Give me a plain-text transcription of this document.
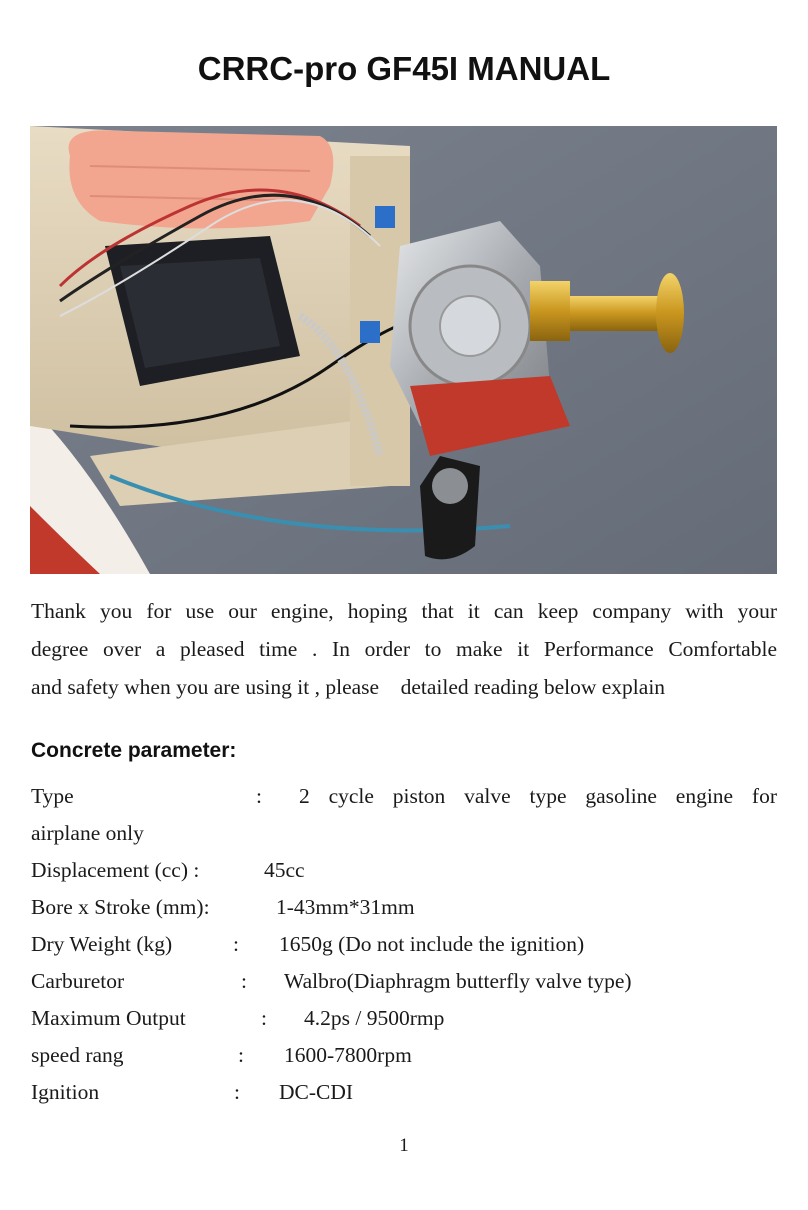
CRRC-pro GF45I MANUAL
Thank you for use our engine, hoping that it can keep company with your
degree over a pleased time . In order to make it Performance Comfortable
and safety when you are using it , please    detailed reading below explain
Concrete parameter:
Type	: 2 cycle piston valve type gasoline engine for
airplane only
Displacement (cc) :	45cc
Bore x Stroke (mm):	1-43mm*31mm
Dry Weight (kg)	: 1650g (Do not include the ignition)
Carburetor	: Walbro(Diaphragm butterfly valve type)
Maximum Output	: 4.2ps / 9500rmp
speed rang	: 1600-7800rpm
Ignition	: DC-CDI
1
